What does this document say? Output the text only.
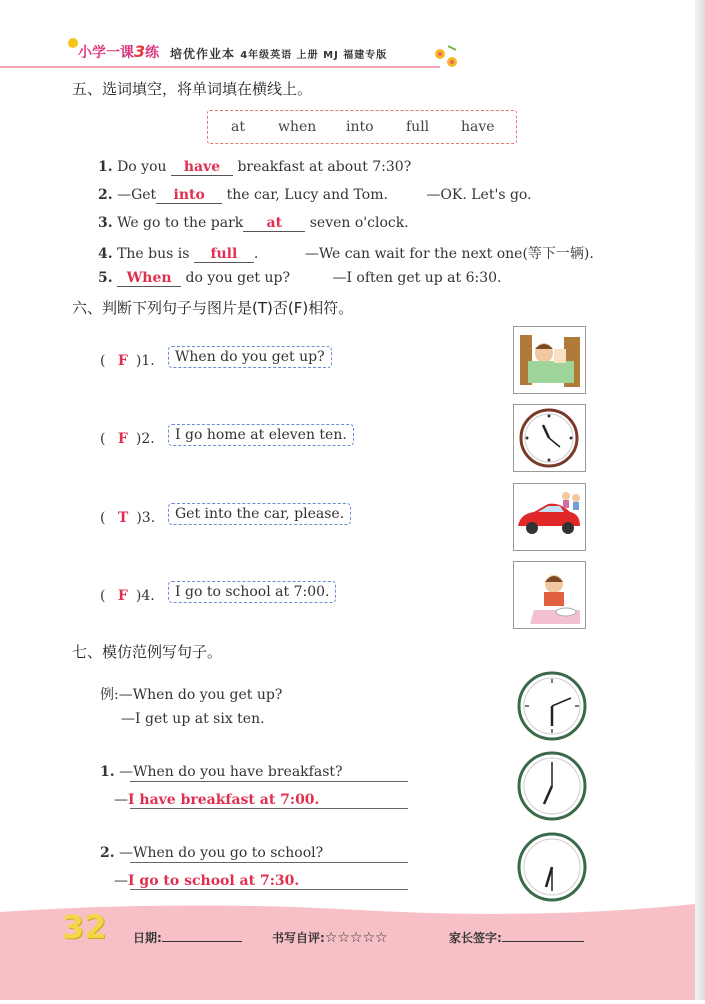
小学一课3练 培优作业本 4年级英语 上册 MJ 福建专版
五、选词填空，将单词填在横线上。
at when into full have
1. Do you have breakfast at about 7:30?
2. —Get into the car, Lucy and Tom.	—OK. Let's go.
3. We go to the park at seven o'clock.
4. The bus is full .	—We can wait for the next one(等下一辆).
5. When do you get up?	—I often get up at 6:30.
六、判断下列句子与图片是(T)否(F)相符。
( F )1.	When do you get up?
( F )2.	I go home at eleven ten.
( T )3.	Get into the car, please.
( F )4.	I go to school at 7:00.
七、模仿范例写句子。
例:—When do you get up?
—I get up at six ten.
1. —When do you have breakfast?
—I have breakfast at 7:00.
2. —When do you go to school?
—I go to school at 7:30.
32 日期:	书写自评:☆☆☆☆☆	家长签字:
